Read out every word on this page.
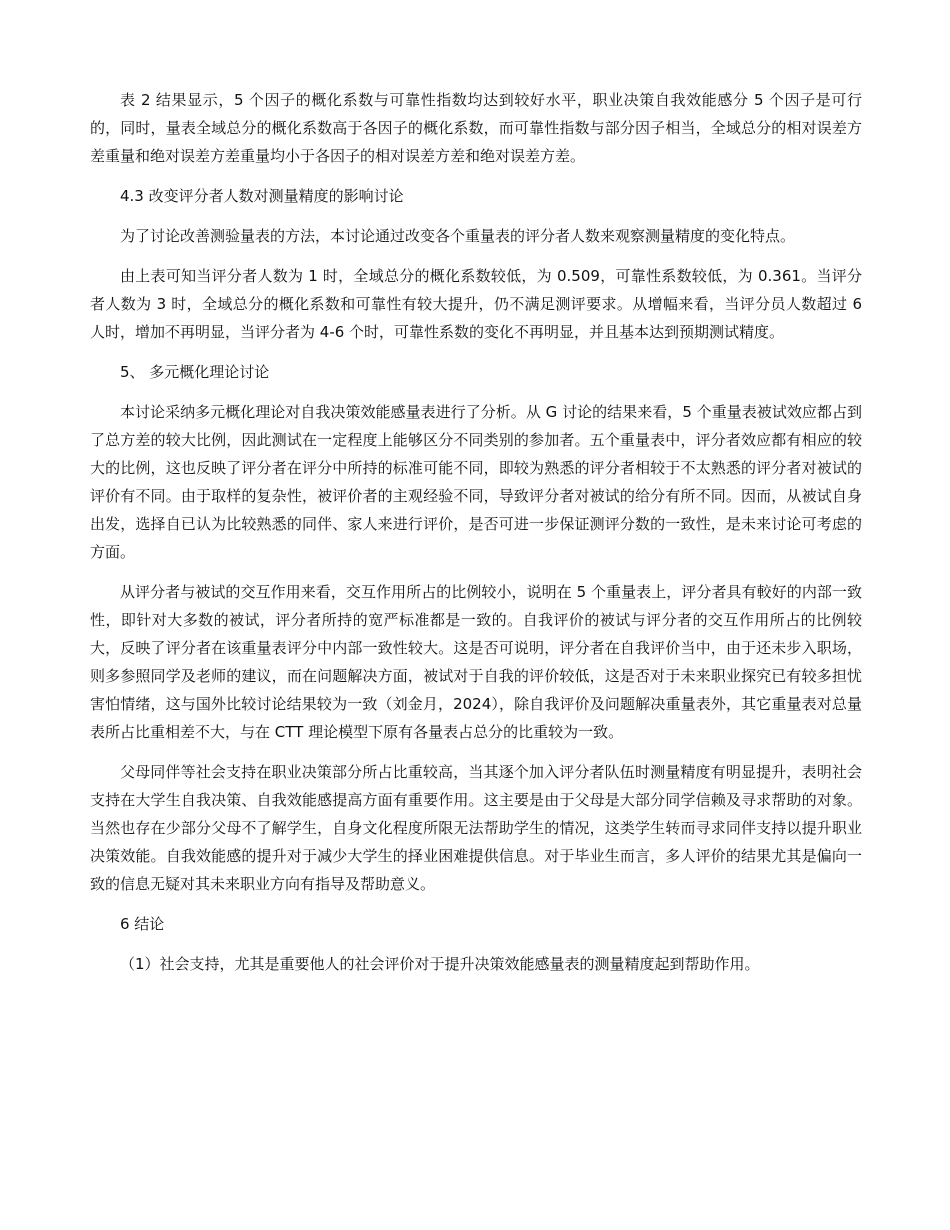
表 2 结果显示，5 个因子的概化系数与可靠性指数均达到较好水平，职业决策自我效能感分 5 个因子是可行的，同时，量表全域总分的概化系数高于各因子的概化系数，而可靠性指数与部分因子相当，全域总分的相对误差方差重量和绝对误差方差重量均小于各因子的相对误差方差和绝对误差方差。

4.3 改变评分者人数对测量精度的影响讨论

为了讨论改善测验量表的方法，本讨论通过改变各个重量表的评分者人数来观察测量精度的变化特点。

由上表可知当评分者人数为 1 时，全域总分的概化系数较低，为 0.509，可靠性系数较低，为 0.361。当评分者人数为 3 时，全域总分的概化系数和可靠性有较大提升，仍不满足测评要求。从增幅来看，当评分员人数超过 6 人时，增加不再明显，当评分者为 4-6 个时，可靠性系数的变化不再明显，并且基本达到预期测试精度。

5、 多元概化理论讨论

本讨论采纳多元概化理论对自我决策效能感量表进行了分析。从 G 讨论的结果来看，5 个重量表被试效应都占到了总方差的较大比例，因此测试在一定程度上能够区分不同类别的参加者。五个重量表中，评分者效应都有相应的较大的比例，这也反映了评分者在评分中所持的标准可能不同，即较为熟悉的评分者相较于不太熟悉的评分者对被试的评价有不同。由于取样的复杂性，被评价者的主观经验不同，导致评分者对被试的给分有所不同。因而，从被试自身出发，选择自已认为比较熟悉的同伴、家人来进行评价，是否可进一步保证测评分数的一致性，是未来讨论可考虑的方面。

从评分者与被试的交互作用来看，交互作用所占的比例较小，说明在 5 个重量表上，评分者具有較好的内部一致性，即针对大多数的被试，评分者所持的宽严标准都是一致的。自我评价的被试与评分者的交互作用所占的比例较大，反映了评分者在该重量表评分中内部一致性较大。这是否可说明，评分者在自我评价当中，由于还未步入职场，则多参照同学及老师的建议，而在问题解决方面，被试对于自我的评价较低，这是否对于未来职业探究已有较多担忧害怕情绪，这与国外比较讨论结果较为一致（刘金月，2024），除自我评价及问题解决重量表外，其它重量表对总量表所占比重相差不大，与在 CTT 理论模型下原有各量表占总分的比重较为一致。

父母同伴等社会支持在职业决策部分所占比重较高，当其逐个加入评分者队伍时测量精度有明显提升，表明社会支持在大学生自我决策、自我效能感提高方面有重要作用。这主要是由于父母是大部分同学信赖及寻求帮助的对象。当然也存在少部分父母不了解学生，自身文化程度所限无法帮助学生的情况，这类学生转而寻求同伴支持以提升职业决策效能。自我效能感的提升对于减少大学生的择业困难提供信息。对于毕业生而言，多人评价的结果尤其是偏向一致的信息无疑对其未来职业方向有指导及帮助意义。

6 结论

（1）社会支持，尤其是重要他人的社会评价对于提升决策效能感量表的测量精度起到帮助作用。
